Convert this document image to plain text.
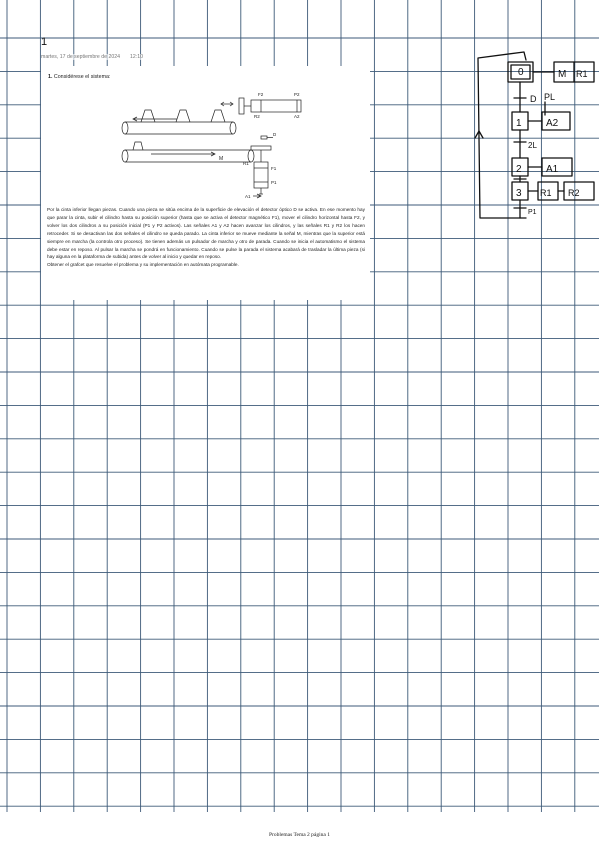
1
martes, 17 de septiembre de 2024 12:10
1. Considérese el sistema:
M
F2	P2
R2	A2
D
R1
F1
P1
A1

Por la cinta inferior llegan piezas. Cuando una pieza se sitúa encima de la superficie de elevación el detector óptico D se activa. En ese momento hay que parar la cinta, subir el cilindro hasta su posición superior (hasta que se activa el detector magnético F1), mover el cilindro horizontal hasta F2, y volver los dos cilindros a su posición inicial (P1 y P2 activos). Las señales A1 y A2 hacen avanzar los cilindros, y las señales R1 y R2 los hacen retroceder. Si se desactivan las dos señales el cilindro se queda parado. La cinta inferior se mueve mediante la señal M, mientras que la superior está siempre en marcha (la controla otro proceso). Se tienen además un pulsador de marcha y otro de parada. Cuando se inicia el automatismo el sistema debe estar en reposo. Al pulsar la marcha se pondrá en funcionamiento. Cuando se pulse la parada el sistema acabará de trasladar la última pieza (si hay alguna en la plataforma de subida) antes de volver al inicio y quedar en reposo.

Obtener el grafcet que resuelve el problema y su implementación en autómata programable.

0	M R1
D PL
1 A2
2L
2 A1
3 R1 R2
P1
Problemas Tema 2 página 1
